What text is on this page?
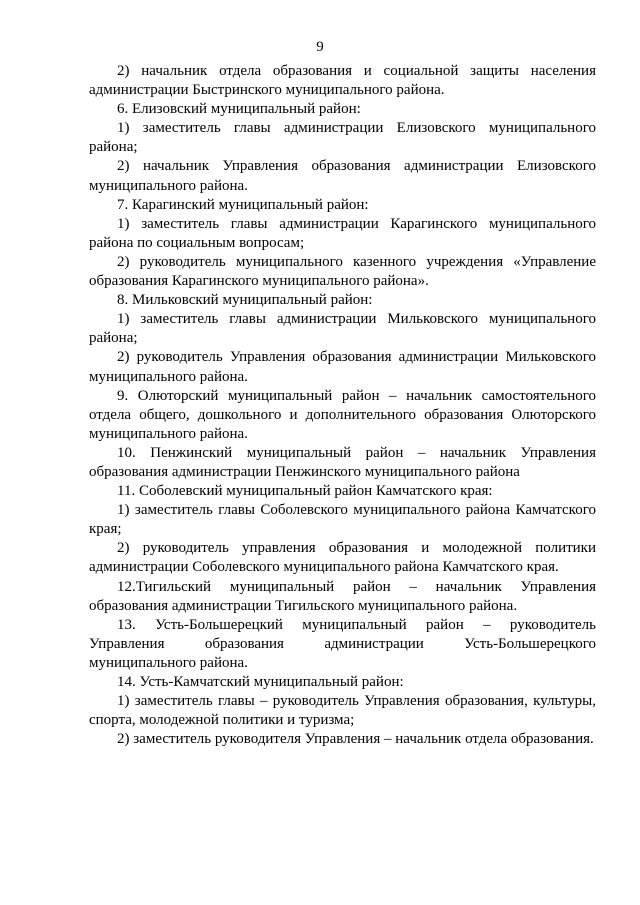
9

2) начальник отдела образования и социальной защиты населения администрации Быстринского муниципального района.

6. Елизовский муниципальный район:

1) заместитель главы администрации Елизовского муниципального района;

2) начальник Управления образования администрации Елизовского муниципального района.

7. Карагинский муниципальный район:

1) заместитель главы администрации Карагинского муниципального района по социальным вопросам;

2) руководитель муниципального казенного учреждения «Управление образования Карагинского муниципального района».

8. Мильковский муниципальный район:

1) заместитель главы администрации Мильковского муниципального района;

2) руководитель Управления образования администрации Мильковского муниципального района.

9. Олюторский муниципальный район – начальник самостоятельного отдела общего, дошкольного и дополнительного образования Олюторского муниципального района.

10. Пенжинский муниципальный район – начальник Управления образования администрации Пенжинского муниципального района

11. Соболевский муниципальный район Камчатского края:

1) заместитель главы Соболевского муниципального района Камчатского края;

2) руководитель управления образования и молодежной политики администрации Соболевского муниципального района Камчатского края.

12.Тигильский муниципальный район – начальник Управления образования администрации Тигильского муниципального района.

13. Усть-Большерецкий муниципальный район – руководитель Управления образования администрации Усть-Большерецкого муниципального района.

14. Усть-Камчатский муниципальный район:

1) заместитель главы – руководитель Управления образования, культуры, спорта, молодежной политики и туризма;

2) заместитель руководителя Управления – начальник отдела образования.
